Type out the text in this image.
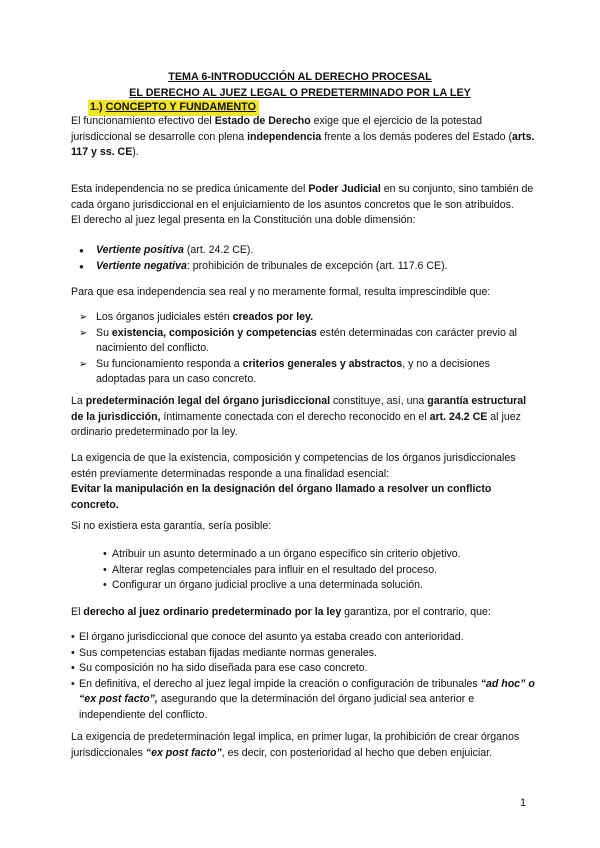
TEMA 6-INTRODUCCIÓN AL DERECHO PROCESAL
EL DERECHO AL JUEZ LEGAL O PREDETERMINADO POR LA LEY
1.) CONCEPTO Y FUNDAMENTO

El funcionamiento efectivo del Estado de Derecho exige que el ejercicio de la potestad jurisdiccional se desarrolle con plena independencia frente a los demás poderes del Estado (arts. 117 y ss. CE).

Esta independencia no se predica únicamente del Poder Judicial en su conjunto, sino también de cada órgano jurisdiccional en el enjuiciamiento de los asuntos concretos que le son atribuidos.
El derecho al juez legal presenta en la Constitución una doble dimensión:

● Vertiente positiva (art. 24.2 CE).
● Vertiente negativa: prohibición de tribunales de excepción (art. 117.6 CE).

Para que esa independencia sea real y no meramente formal, resulta imprescindible que:

➢ Los órganos judiciales estén creados por ley.
➢ Su existencia, composición y competencias estén determinadas con carácter previo al nacimiento del conflicto.
➢ Su funcionamiento responda a criterios generales y abstractos, y no a decisiones adoptadas para un caso concreto.

La predeterminación legal del órgano jurisdiccional constituye, así, una garantía estructural de la jurisdicción, íntimamente conectada con el derecho reconocido en el art. 24.2 CE al juez ordinario predeterminado por la ley.

La exigencia de que la existencia, composición y competencias de los órganos jurisdiccionales estén previamente determinadas responde a una finalidad esencial:
Evitar la manipulación en la designación del órgano llamado a resolver un conflicto concreto.

Si no existiera esta garantía, sería posible:

• Atribuir un asunto determinado a un órgano específico sin criterio objetivo.
• Alterar reglas competenciales para influir en el resultado del proceso.
• Configurar un órgano judicial proclive a una determinada solución.

El derecho al juez ordinario predeterminado por la ley garantiza, por el contrario, que:

• El órgano jurisdiccional que conoce del asunto ya estaba creado con anterioridad.
• Sus competencias estaban fijadas mediante normas generales.
• Su composición no ha sido diseñada para ese caso concreto.
• En definitiva, el derecho al juez legal impide la creación o configuración de tribunales “ad hoc” o “ex post facto”, asegurando que la determinación del órgano judicial sea anterior e independiente del conflicto.

La exigencia de predeterminación legal implica, en primer lugar, la prohibición de crear órganos jurisdiccionales “ex post facto”, es decir, con posterioridad al hecho que deben enjuiciar.

1
